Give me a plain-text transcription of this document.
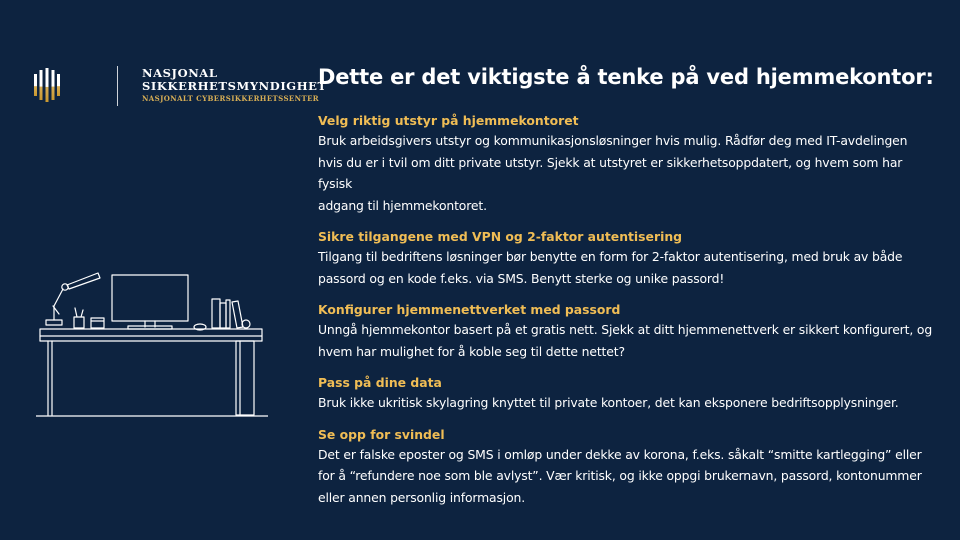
NASJONAL
SIKKERHETSMYNDIGHET
NASJONALT CYBERSIKKERHETSSENTER
Dette er det viktigste å tenke på ved hjemmekontor:
Velg riktig utstyr på hjemmekontoret
Bruk arbeidsgivers utstyr og kommunikasjonsløsninger hvis mulig. Rådfør deg med IT-avdelingen
hvis du er i tvil om ditt private utstyr. Sjekk at utstyret er sikkerhetsoppdatert, og hvem som har fysisk
adgang til hjemmekontoret.
Sikre tilgangene med VPN og 2-faktor autentisering
Tilgang til bedriftens løsninger bør benytte en form for 2-faktor autentisering, med bruk av både
passord og en kode f.eks. via SMS. Benytt sterke og unike passord!
Konfigurer hjemmenettverket med passord
Unngå hjemmekontor basert på et gratis nett. Sjekk at ditt hjemmenettverk er sikkert konfigurert, og
hvem har mulighet for å koble seg til dette nettet?
Pass på dine data
Bruk ikke ukritisk skylagring knyttet til private kontoer, det kan eksponere bedriftsopplysninger.
Se opp for svindel
Det er falske eposter og SMS i omløp under dekke av korona, f.eks. såkalt “smitte kartlegging” eller
for å “refundere noe som ble avlyst”. Vær kritisk, og ikke oppgi brukernavn, passord, kontonummer
eller annen personlig informasjon.
